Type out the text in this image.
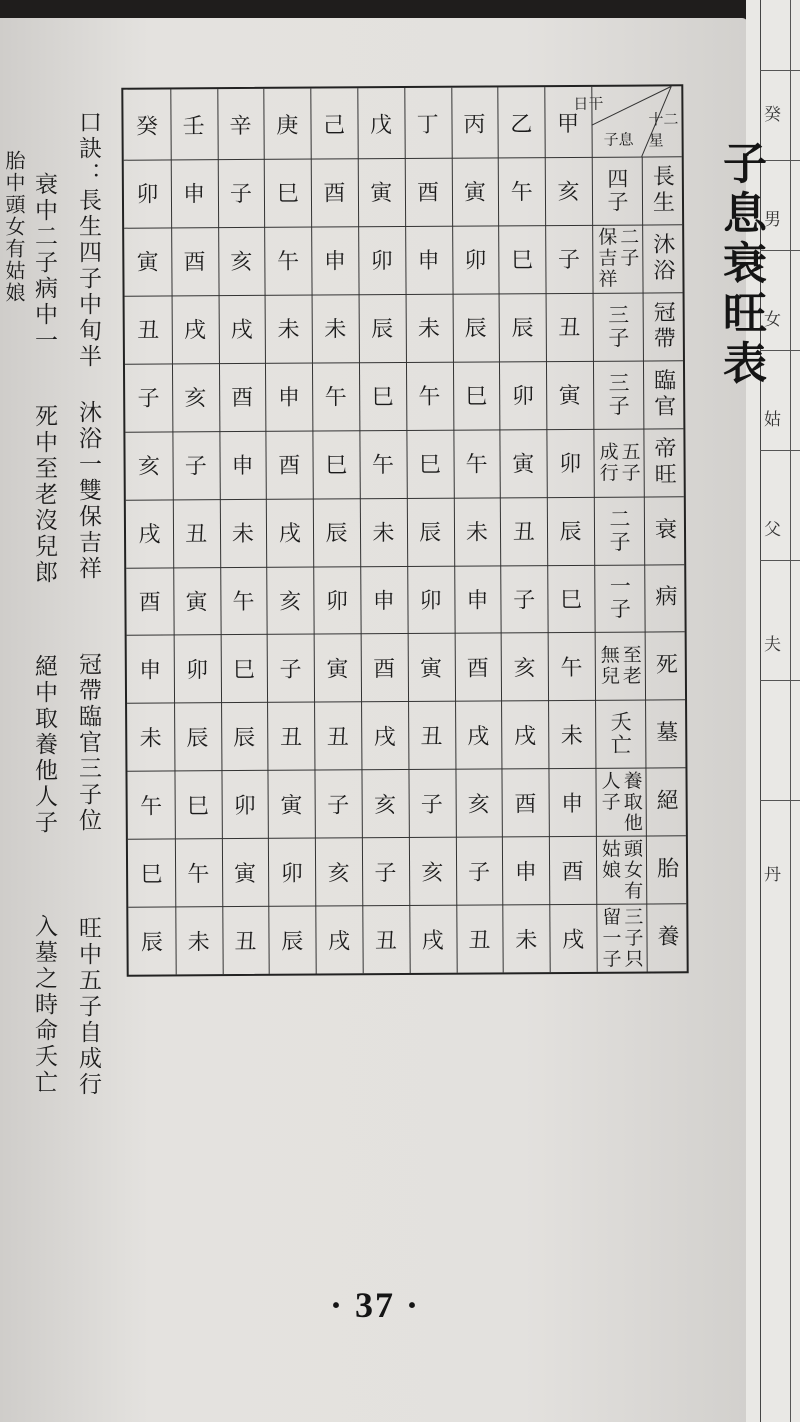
癸
男
女
姑
父
夫
丹
胎中頭女有姑娘	子息衰旺表
口訣：長生四子中旬半
衰中二子病中一
沐浴一雙保吉祥
死中至老沒兒郎
冠帶臨官三子位
絕中取養他人子
旺中五子自成行
入墓之時命夭亡
甲
乙
丙
丁
戊
己
庚
辛
壬
癸
長生
四子
亥
午
寅
酉
寅
酉
巳
子
申
卯
沐浴
二子
保吉祥
子
巳
卯
申
卯
申
午
亥
酉
寅
冠帶
三子
丑
辰
辰
未
辰
未
未
戌
戌
丑
臨官
三子
寅
卯
巳
午
巳
午
申
酉
亥
子
帝旺
五子
成行
卯
寅
午
巳
午
巳
酉
申
子
亥
衰
二子
辰
丑
未
辰
未
辰
戌
未
丑
戌
病
一子
巳
子
申
卯
申
卯
亥
午
寅
酉
死
至老
無兒
午
亥
酉
寅
酉
寅
子
巳
卯
申
墓
夭亡
未
戌
戌
丑
戌
丑
丑
辰
辰
未
絕
養取他
人子
申
酉
亥
子
亥
子
寅
卯
巳
午
胎
頭女有
姑娘
酉
申
子
亥
子
亥
卯
寅
午
巳
養
三子只
留一子
戌
未
丑
戌
丑
戌
辰
丑
未
辰
日干
子息
十二星
· 37 ·
